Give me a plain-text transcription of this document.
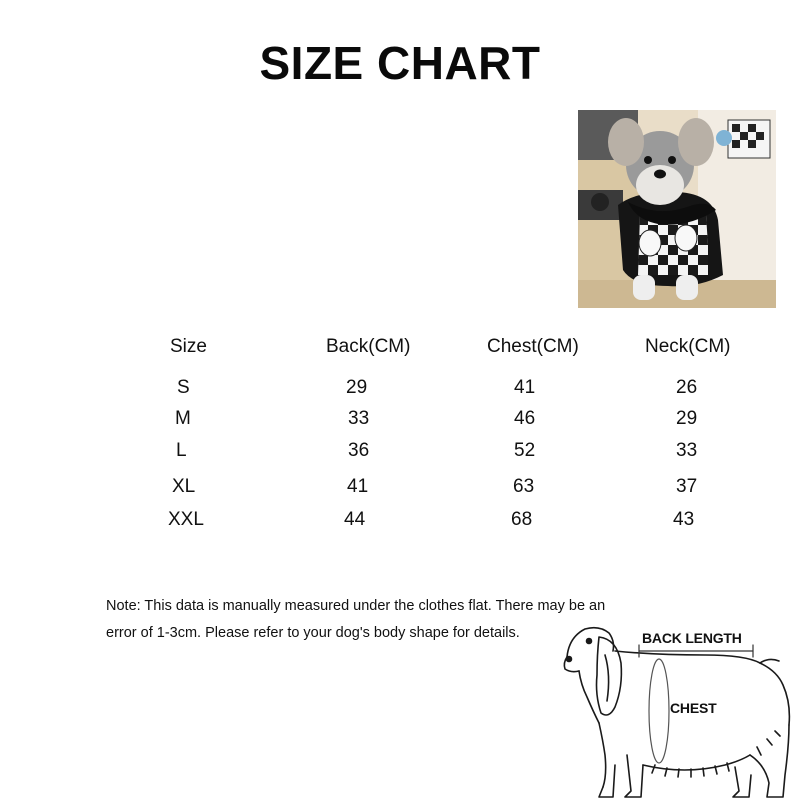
SIZE CHART
Size	Back(CM)	Chest(CM)	Neck(CM)
S	29	41	26
M	33	46	29
L	36	52	33
XL	41	63	37
XXL	44	68	43
Note: This data is manually measured under the clothes flat. There may be an
error of 1-3cm. Please refer to your dog's body shape for details.	BACK LENGTH
CHEST
